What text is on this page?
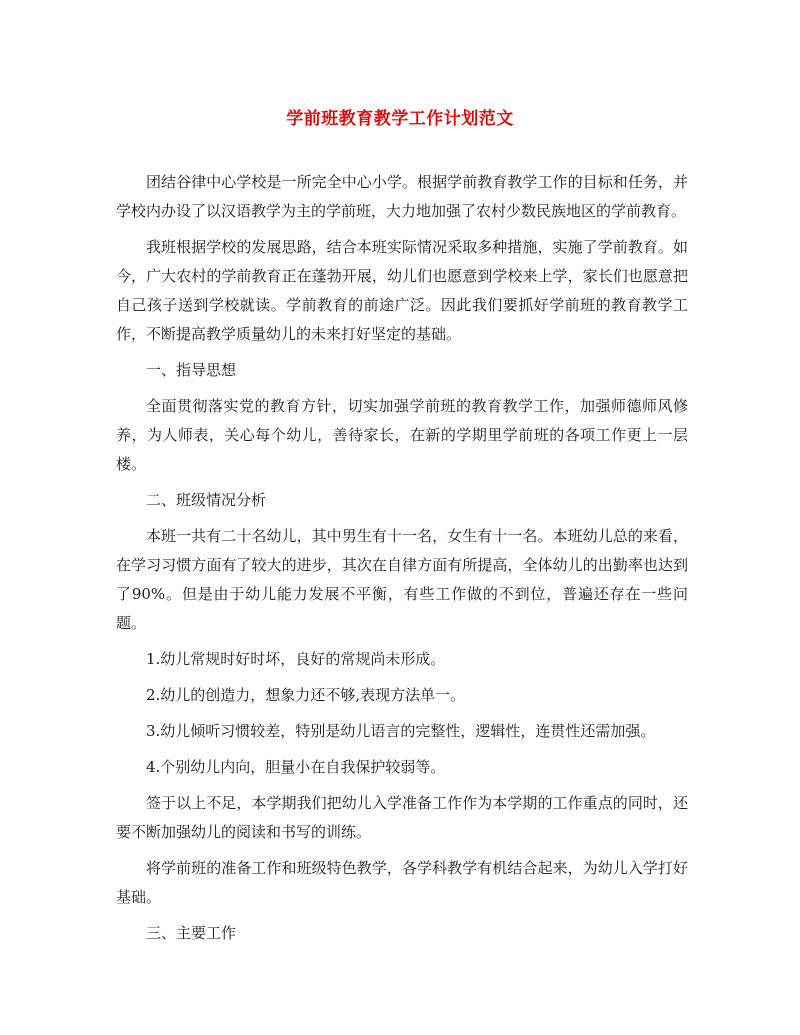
学前班教育教学工作计划范文

团结谷律中心学校是一所完全中心小学。根据学前教育教学工作的目标和任务，并学校内办设了以汉语教学为主的学前班，大力地加强了农村少数民族地区的学前教育。

我班根据学校的发展思路，结合本班实际情况采取多种措施，实施了学前教育。如今，广大农村的学前教育正在蓬勃开展，幼儿们也愿意到学校来上学，家长们也愿意把自己孩子送到学校就读。学前教育的前途广泛。因此我们要抓好学前班的教育教学工作，不断提高教学质量幼儿的未来打好坚定的基础。

一、指导思想

全面贯彻落实党的教育方针，切实加强学前班的教育教学工作，加强师德师风修养，为人师表，关心每个幼儿，善待家长，在新的学期里学前班的各项工作更上一层楼。

二、班级情况分析

本班一共有二十名幼儿，其中男生有十一名，女生有十一名。本班幼儿总的来看，在学习习惯方面有了较大的进步，其次在自律方面有所提高，全体幼儿的出勤率也达到了90%。但是由于幼儿能力发展不平衡，有些工作做的不到位，普遍还存在一些问题。

1.幼儿常规时好时坏，良好的常规尚未形成。

2.幼儿的创造力，想象力还不够,表现方法单一。

3.幼儿倾听习惯较差，特别是幼儿语言的完整性，逻辑性，连贯性还需加强。

4.个别幼儿内向，胆量小在自我保护较弱等。

签于以上不足，本学期我们把幼儿入学准备工作作为本学期的工作重点的同时，还要不断加强幼儿的阅读和书写的训练。

将学前班的准备工作和班级特色教学，各学科教学有机结合起来，为幼儿入学打好基础。

三、主要工作
